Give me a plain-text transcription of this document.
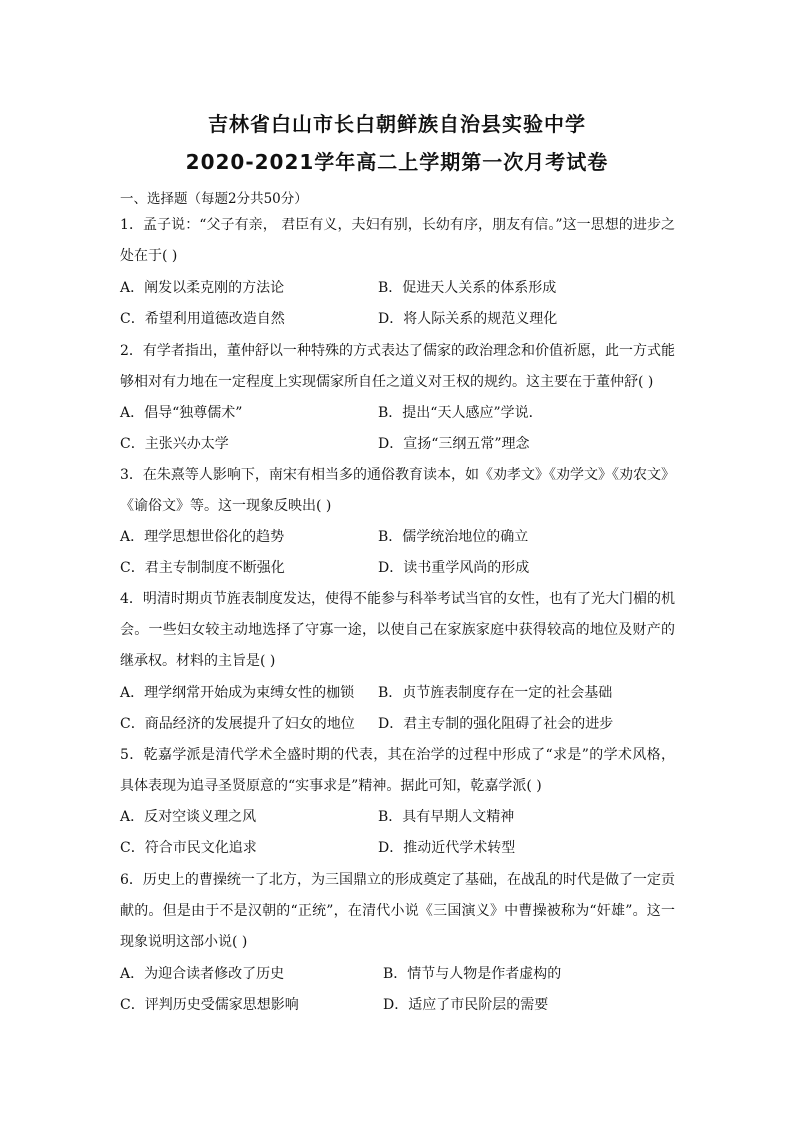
吉林省白山市长白朝鲜族自治县实验中学
2020-2021学年高二上学期第一次月考试卷
一、选择题（每题2分共50分）
1．孟子说：“父子有亲， 君臣有义，夫妇有别，长幼有序，朋友有信。”这一思想的进步之处在于( )
A．阐发以柔克刚的方法论	B．促进天人关系的体系形成
C．希望利用道德改造自然	D．将人际关系的规范义理化
2．有学者指出，董仲舒以一种特殊的方式表达了儒家的政治理念和价值祈愿，此一方式能够相对有力地在一定程度上实现儒家所自任之道义对王权的规约。这主要在于董仲舒( )
A．倡导“独尊儒术”	B．提出“天人感应”学说．
C．主张兴办太学	D．宣扬“三纲五常”理念
3．在朱熹等人影响下，南宋有相当多的通俗教育读本，如《劝孝文》《劝学文》《劝农文》《谕俗文》等。这一现象反映出( )
A．理学思想世俗化的趋势	B．儒学统治地位的确立
C．君主专制制度不断强化	D．读书重学风尚的形成
4．明清时期贞节旌表制度发达，使得不能参与科举考试当官的女性，也有了光大门楣的机会。一些妇女较主动地选择了守寡一途，以使自己在家族家庭中获得较高的地位及财产的继承权。材料的主旨是( )
A．理学纲常开始成为束缚女性的枷锁 B．贞节旌表制度存在一定的社会基础
C．商品经济的发展提升了妇女的地位 D．君主专制的强化阻碍了社会的进步
5．乾嘉学派是清代学术全盛时期的代表，其在治学的过程中形成了“求是”的学术风格，具体表现为追寻圣贤原意的“实事求是”精神。据此可知，乾嘉学派( )
A．反对空谈义理之风	B．具有早期人文精神
C．符合市民文化追求	D．推动近代学术转型
6．历史上的曹操统一了北方，为三国鼎立的形成奠定了基础，在战乱的时代是做了一定贡献的。但是由于不是汉朝的“正统”，在清代小说《三国演义》中曹操被称为“奸雄”。这一现象说明这部小说( )
A．为迎合读者修改了历史	B．情节与人物是作者虚构的
C．评判历史受儒家思想影响	D．适应了市民阶层的需要
